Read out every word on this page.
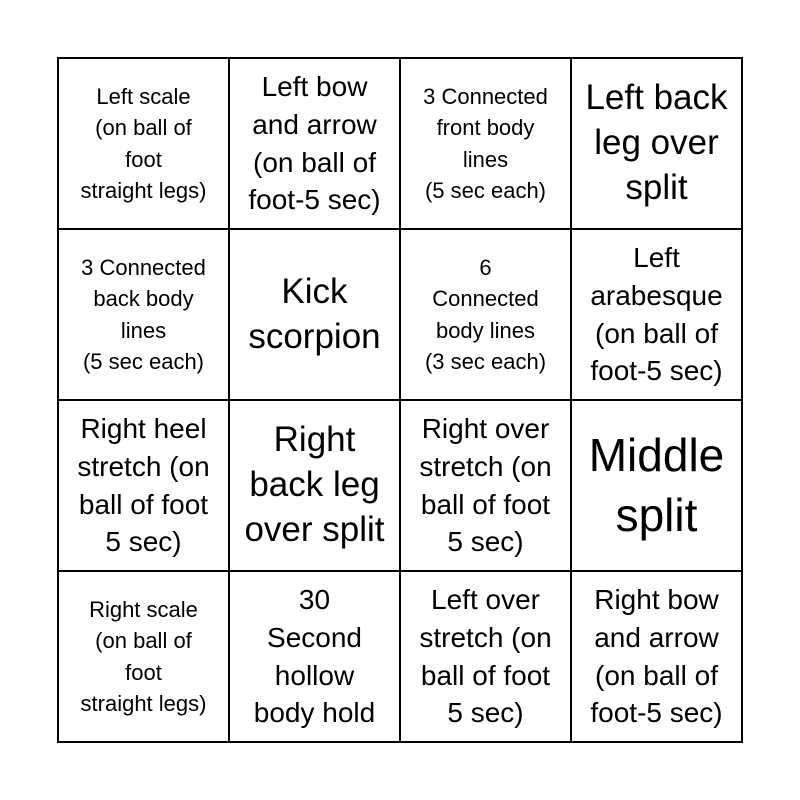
Left scale
(on ball of
foot
straight legs)
Left bow
and arrow
(on ball of
foot-5 sec)
3 Connected
front body
lines
(5 sec each)
Left back
leg over
split
3 Connected
back body
lines
(5 sec each)
Kick
scorpion
6
Connected
body lines
(3 sec each)
Left
arabesque
(on ball of
foot-5 sec)
Right heel
stretch (on
ball of foot
5 sec)
Right
back leg
over split
Right over
stretch (on
ball of foot
5 sec)
Middle
split
Right scale
(on ball of
foot
straight legs)
30
Second
hollow
body hold
Left over
stretch (on
ball of foot
5 sec)
Right bow
and arrow
(on ball of
foot-5 sec)
